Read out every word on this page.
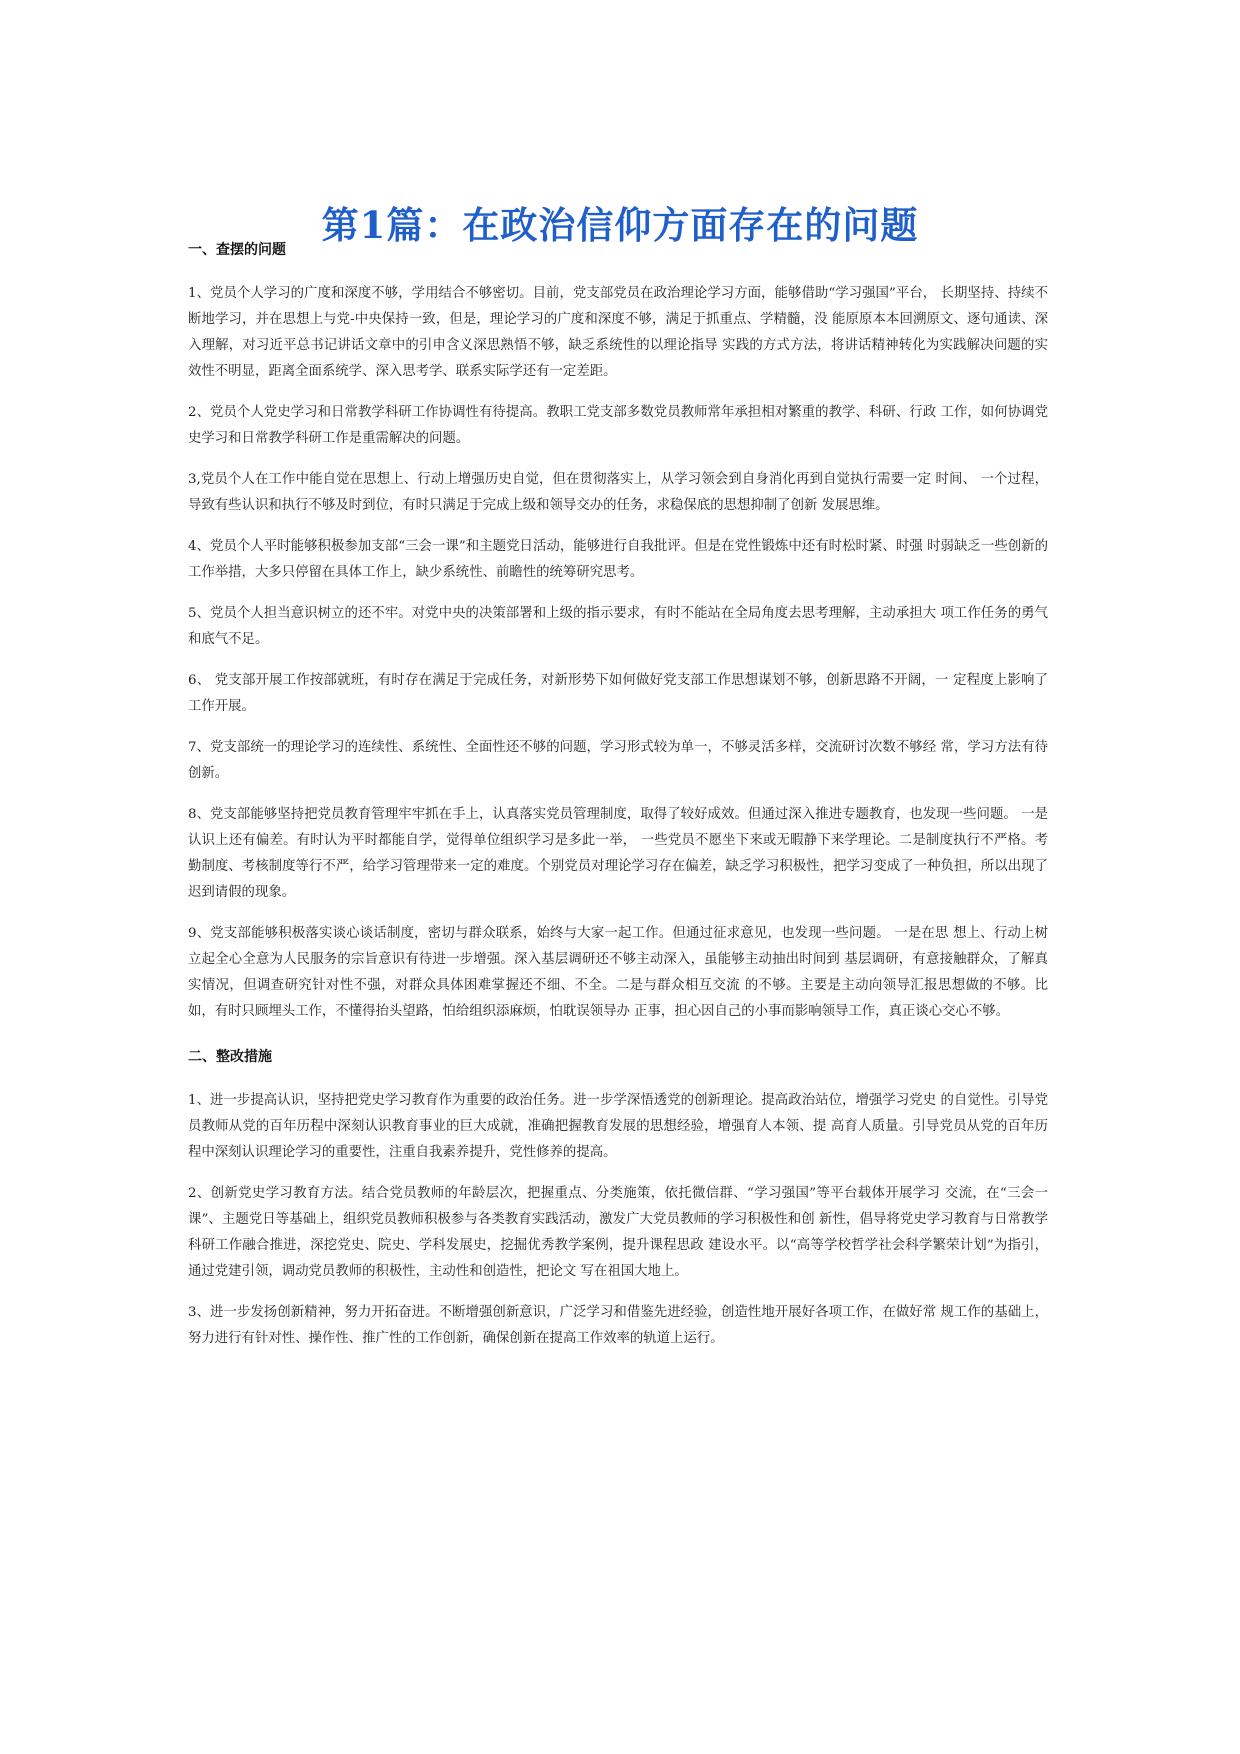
第1篇：在政治信仰方面存在的问题
一、查摆的问题

1、党员个人学习的广度和深度不够，学用结合不够密切。目前，党支部党员在政治理论学习方面，能够借助“学习强国”平台， 长期坚持、持续不断地学习，并在思想上与党-中央保持一致，但是，理论学习的广度和深度不够，满足于抓重点、学精髓，没 能原原本本回溯原文、逐句通读、深入理解，对习近平总书记讲话文章中的引申含义深思熟悟不够，缺乏系统性的以理论指导 实践的方式方法，将讲话精神转化为实践解决问题的实效性不明显，距离全面系统学、深入思考学、联系实际学还有一定差距。

2、党员个人党史学习和日常教学科研工作协调性有待提高。教职工党支部多数党员教师常年承担相对繁重的教学、科研、行政 工作，如何协调党史学习和日常教学科研工作是重需解决的问题。

3,党员个人在工作中能自觉在思想上、行动上增强历史自觉，但在贯彻落实上，从学习领会到自身消化再到自觉执行需要一定 时间、 一个过程，导致有些认识和执行不够及时到位，有时只满足于完成上级和领导交办的任务，求稳保底的思想抑制了创新 发展思维。

4、党员个人平时能够积极参加支部“三会一课”和主题党日活动，能够进行自我批评。但是在党性锻炼中还有时松时紧、时强 时弱缺乏一些创新的工作举措，大多只停留在具体工作上，缺少系统性、前瞻性的统筹研究思考。

5、党员个人担当意识树立的还不牢。对党中央的决策部署和上级的指示要求，有时不能站在全局角度去思考理解，主动承担大 项工作任务的勇气和底气不足。

6、 党支部开展工作按部就班，有时存在满足于完成任务，对新形势下如何做好党支部工作思想谋划不够，创新思路不开阔，一 定程度上影响了工作开展。

7、党支部统一的理论学习的连续性、系统性、全面性还不够的问题，学习形式较为单一，不够灵活多样，交流研讨次数不够经 常，学习方法有待创新。

8、党支部能够坚持把党员教育管理牢牢抓在手上，认真落实党员管理制度，取得了较好成效。但通过深入推进专题教育，也发现一些问题。 一是认识上还有偏差。有时认为平时都能自学，觉得单位组织学习是多此一举， 一些党员不愿坐下来或无暇静下来学理论。二是制度执行不严格。考勤制度、考核制度等行不严，给学习管理带来一定的难度。个别党员对理论学习存在偏差，缺乏学习积极性，把学习变成了一种负担，所以出现了迟到请假的现象。

9、党支部能够积极落实谈心谈话制度，密切与群众联系，始终与大家一起工作。但通过征求意见，也发现一些问题。 一是在思 想上、行动上树立起全心全意为人民服务的宗旨意识有待进一步增强。深入基层调研还不够主动深入，虽能够主动抽出时间到 基层调研，有意接触群众，了解真实情况，但调查研究针对性不强，对群众具体困难掌握还不细、不全。二是与群众相互交流 的不够。主要是主动向领导汇报思想做的不够。比如，有时只顾埋头工作，不懂得抬头望路，怕给组织添麻烦，怕耽误领导办 正事，担心因自己的小事而影响领导工作，真正谈心交心不够。

二、整改措施

1、进一步提高认识，坚持把党史学习教育作为重要的政治任务。进一步学深悟透党的创新理论。提高政治站位，增强学习党史 的自觉性。引导党员教师从党的百年历程中深刻认识教育事业的巨大成就，准确把握教育发展的思想经验，增强育人本领、提 高育人质量。引导党员从党的百年历程中深刻认识理论学习的重要性，注重自我素养提升，党性修养的提高。

2、创新党史学习教育方法。结合党员教师的年龄层次，把握重点、分类施策，依托微信群、“学习强国”等平台载体开展学习 交流，在“三会一课”、主题党日等基础上，组织党员教师积极参与各类教育实践活动，激发广大党员教师的学习积极性和创 新性，倡导将党史学习教育与日常教学科研工作融合推进，深挖党史、院史、学科发展史，挖掘优秀教学案例，提升课程思政 建设水平。以“高等学校哲学社会科学繁荣计划”为指引，通过党建引领，调动党员教师的积极性，主动性和创造性，把论文 写在祖国大地上。

3、进一步发扬创新精神，努力开拓奋进。不断增强创新意识，广泛学习和借鉴先进经验，创造性地开展好各项工作，在做好常 规工作的基础上，努力进行有针对性、操作性、推广性的工作创新，确保创新在提高工作效率的轨道上运行。
